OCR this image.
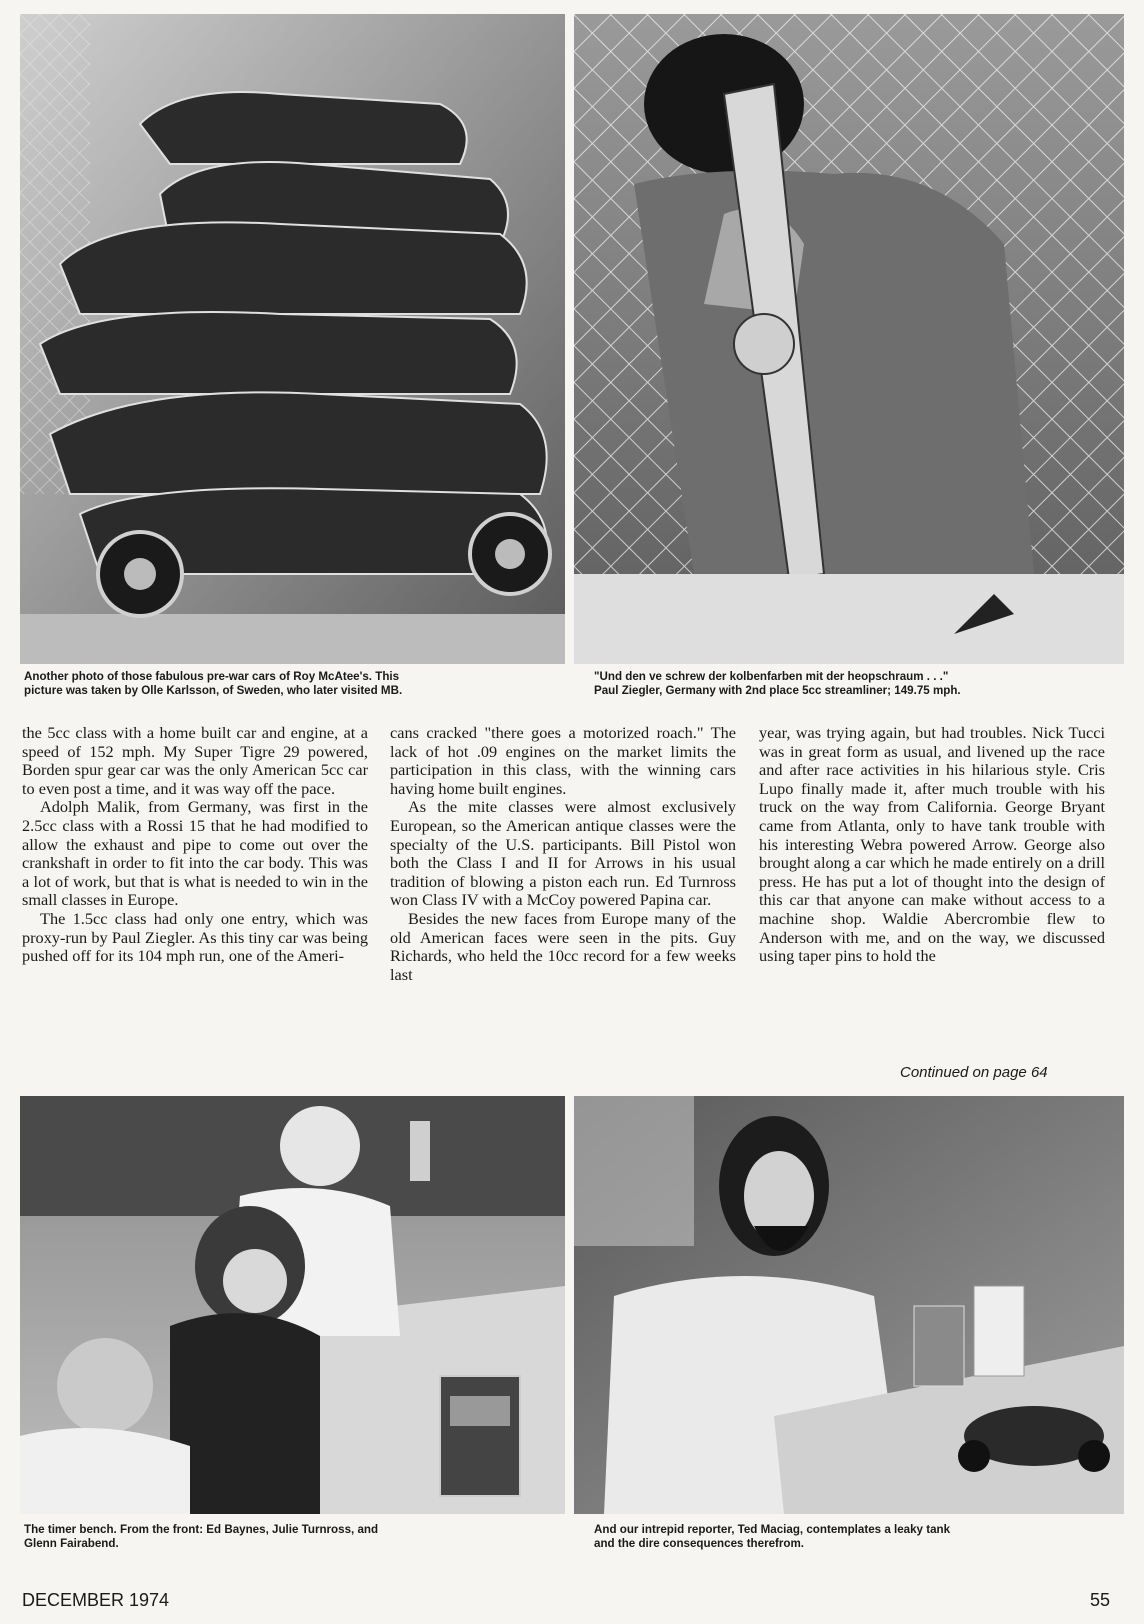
Another photo of those fabulous pre-war cars of Roy McAtee's. This

picture was taken by Olle Karlsson, of Sweden, who later visited MB.

"Und den ve schrew der kolbenfarben mit der heopschraum . . ."

Paul Ziegler, Germany with 2nd place 5cc streamliner; 149.75 mph.

the 5cc class with a home built car and engine, at a speed of 152 mph. My Super Tigre 29 powered, Borden spur gear car was the only American 5cc car to even post a time, and it was way off the pace.

Adolph Malik, from Germany, was first in the 2.5cc class with a Rossi 15 that he had modified to allow the exhaust and pipe to come out over the crankshaft in order to fit into the car body. This was a lot of work, but that is what is needed to win in the small classes in Europe.

The 1.5cc class had only one entry, which was proxy-run by Paul Ziegler. As this tiny car was being pushed off for its 104 mph run, one of the Ameri-

cans cracked "there goes a motorized roach." The lack of hot .09 engines on the market limits the participation in this class, with the winning cars having home built engines.

As the mite classes were almost exclusively European, so the American antique classes were the specialty of the U.S. participants. Bill Pistol won both the Class I and II for Arrows in his usual tradition of blowing a piston each run. Ed Turnross won Class IV with a McCoy powered Papina car.

Besides the new faces from Europe many of the old American faces were seen in the pits. Guy Richards, who held the 10cc record for a few weeks last

year, was trying again, but had troubles. Nick Tucci was in great form as usual, and livened up the race and after race activities in his hilarious style. Cris Lupo finally made it, after much trouble with his truck on the way from California. George Bryant came from Atlanta, only to have tank trouble with his interesting Webra powered Arrow. George also brought along a car which he made entirely on a drill press. He has put a lot of thought into the design of this car that anyone can make without access to a machine shop. Waldie Abercrombie flew to Anderson with me, and on the way, we discussed using taper pins to hold the

Continued on page 64

The timer bench. From the front: Ed Baynes, Julie Turnross, and

Glenn Fairabend.

And our intrepid reporter, Ted Maciag, contemplates a leaky tank

and the dire consequences therefrom.

DECEMBER 1974	55
